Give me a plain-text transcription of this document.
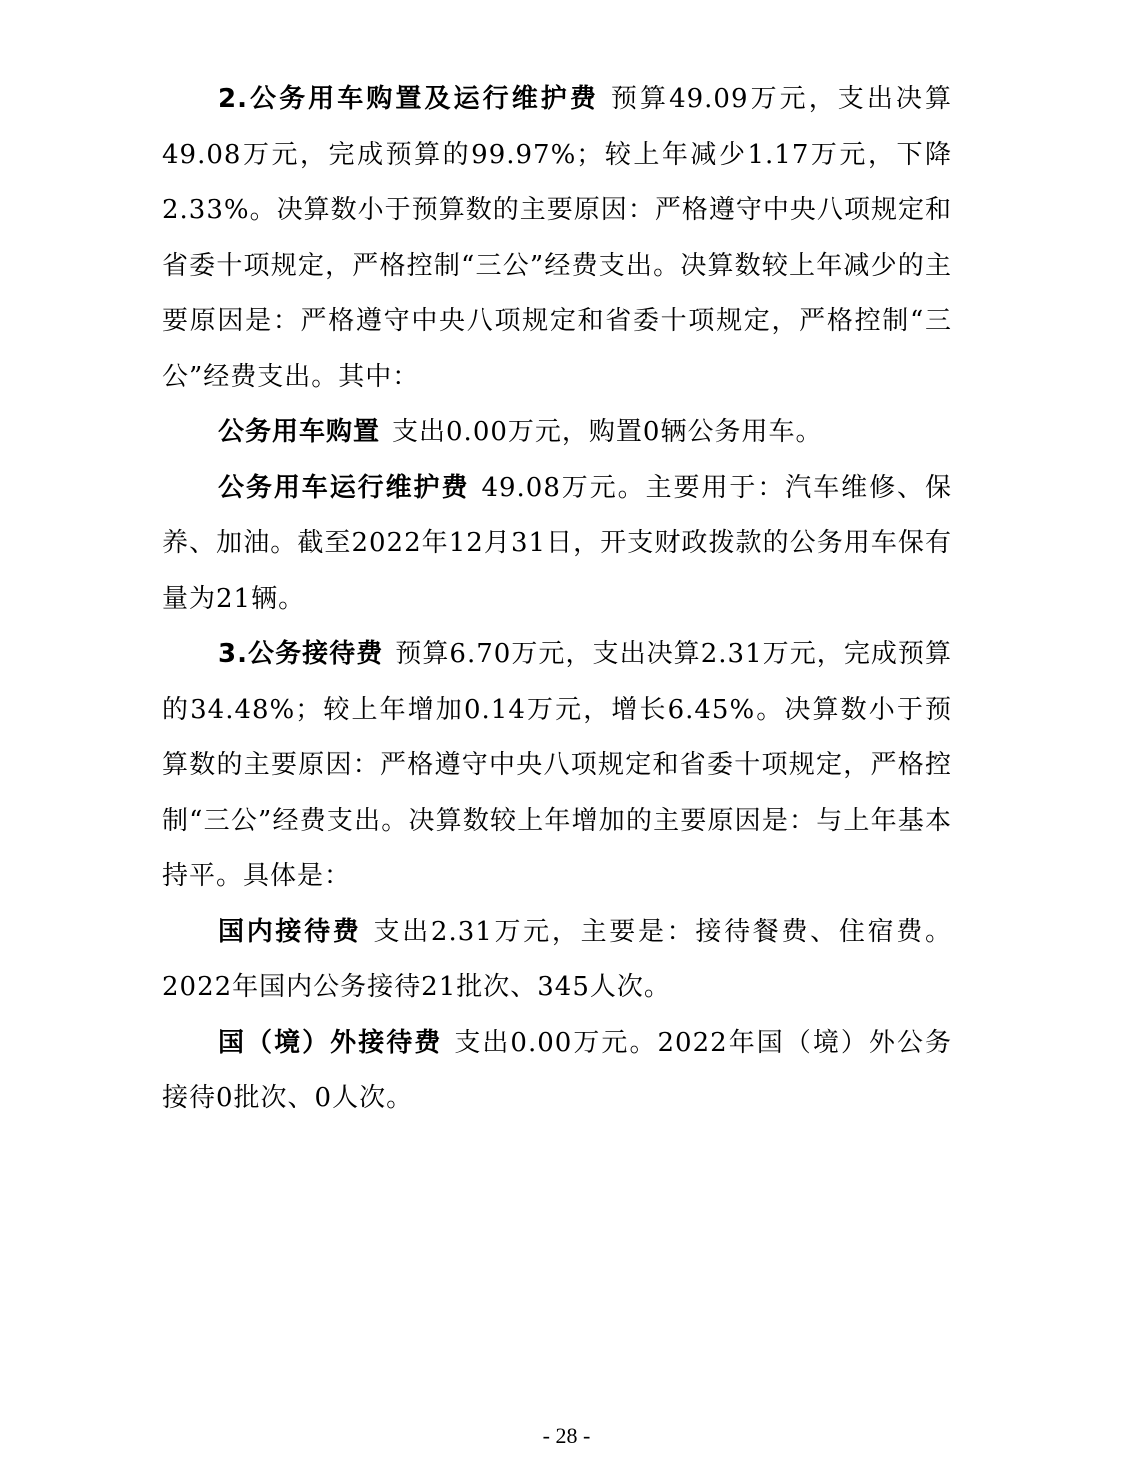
2.公务用车购置及运行维护费 预算49.09万元，支出决算49.08万元，完成预算的99.97%；较上年减少1.17万元，下降2.33%。决算数小于预算数的主要原因：严格遵守中央八项规定和省委十项规定，严格控制“三公”经费支出。决算数较上年减少的主要原因是：严格遵守中央八项规定和省委十项规定，严格控制“三公”经费支出。其中：

公务用车购置 支出0.00万元，购置0辆公务用车。

公务用车运行维护费 49.08万元。主要用于：汽车维修、保养、加油。截至2022年12月31日，开支财政拨款的公务用车保有量为21辆。

3.公务接待费 预算6.70万元，支出决算2.31万元，完成预算的34.48%；较上年增加0.14万元，增长6.45%。决算数小于预算数的主要原因：严格遵守中央八项规定和省委十项规定，严格控制“三公”经费支出。决算数较上年增加的主要原因是：与上年基本持平。具体是：

国内接待费 支出2.31万元，主要是：接待餐费、住宿费。2022年国内公务接待21批次、345人次。

国（境）外接待费 支出0.00万元。2022年国（境）外公务接待0批次、0人次。

- 28 -
